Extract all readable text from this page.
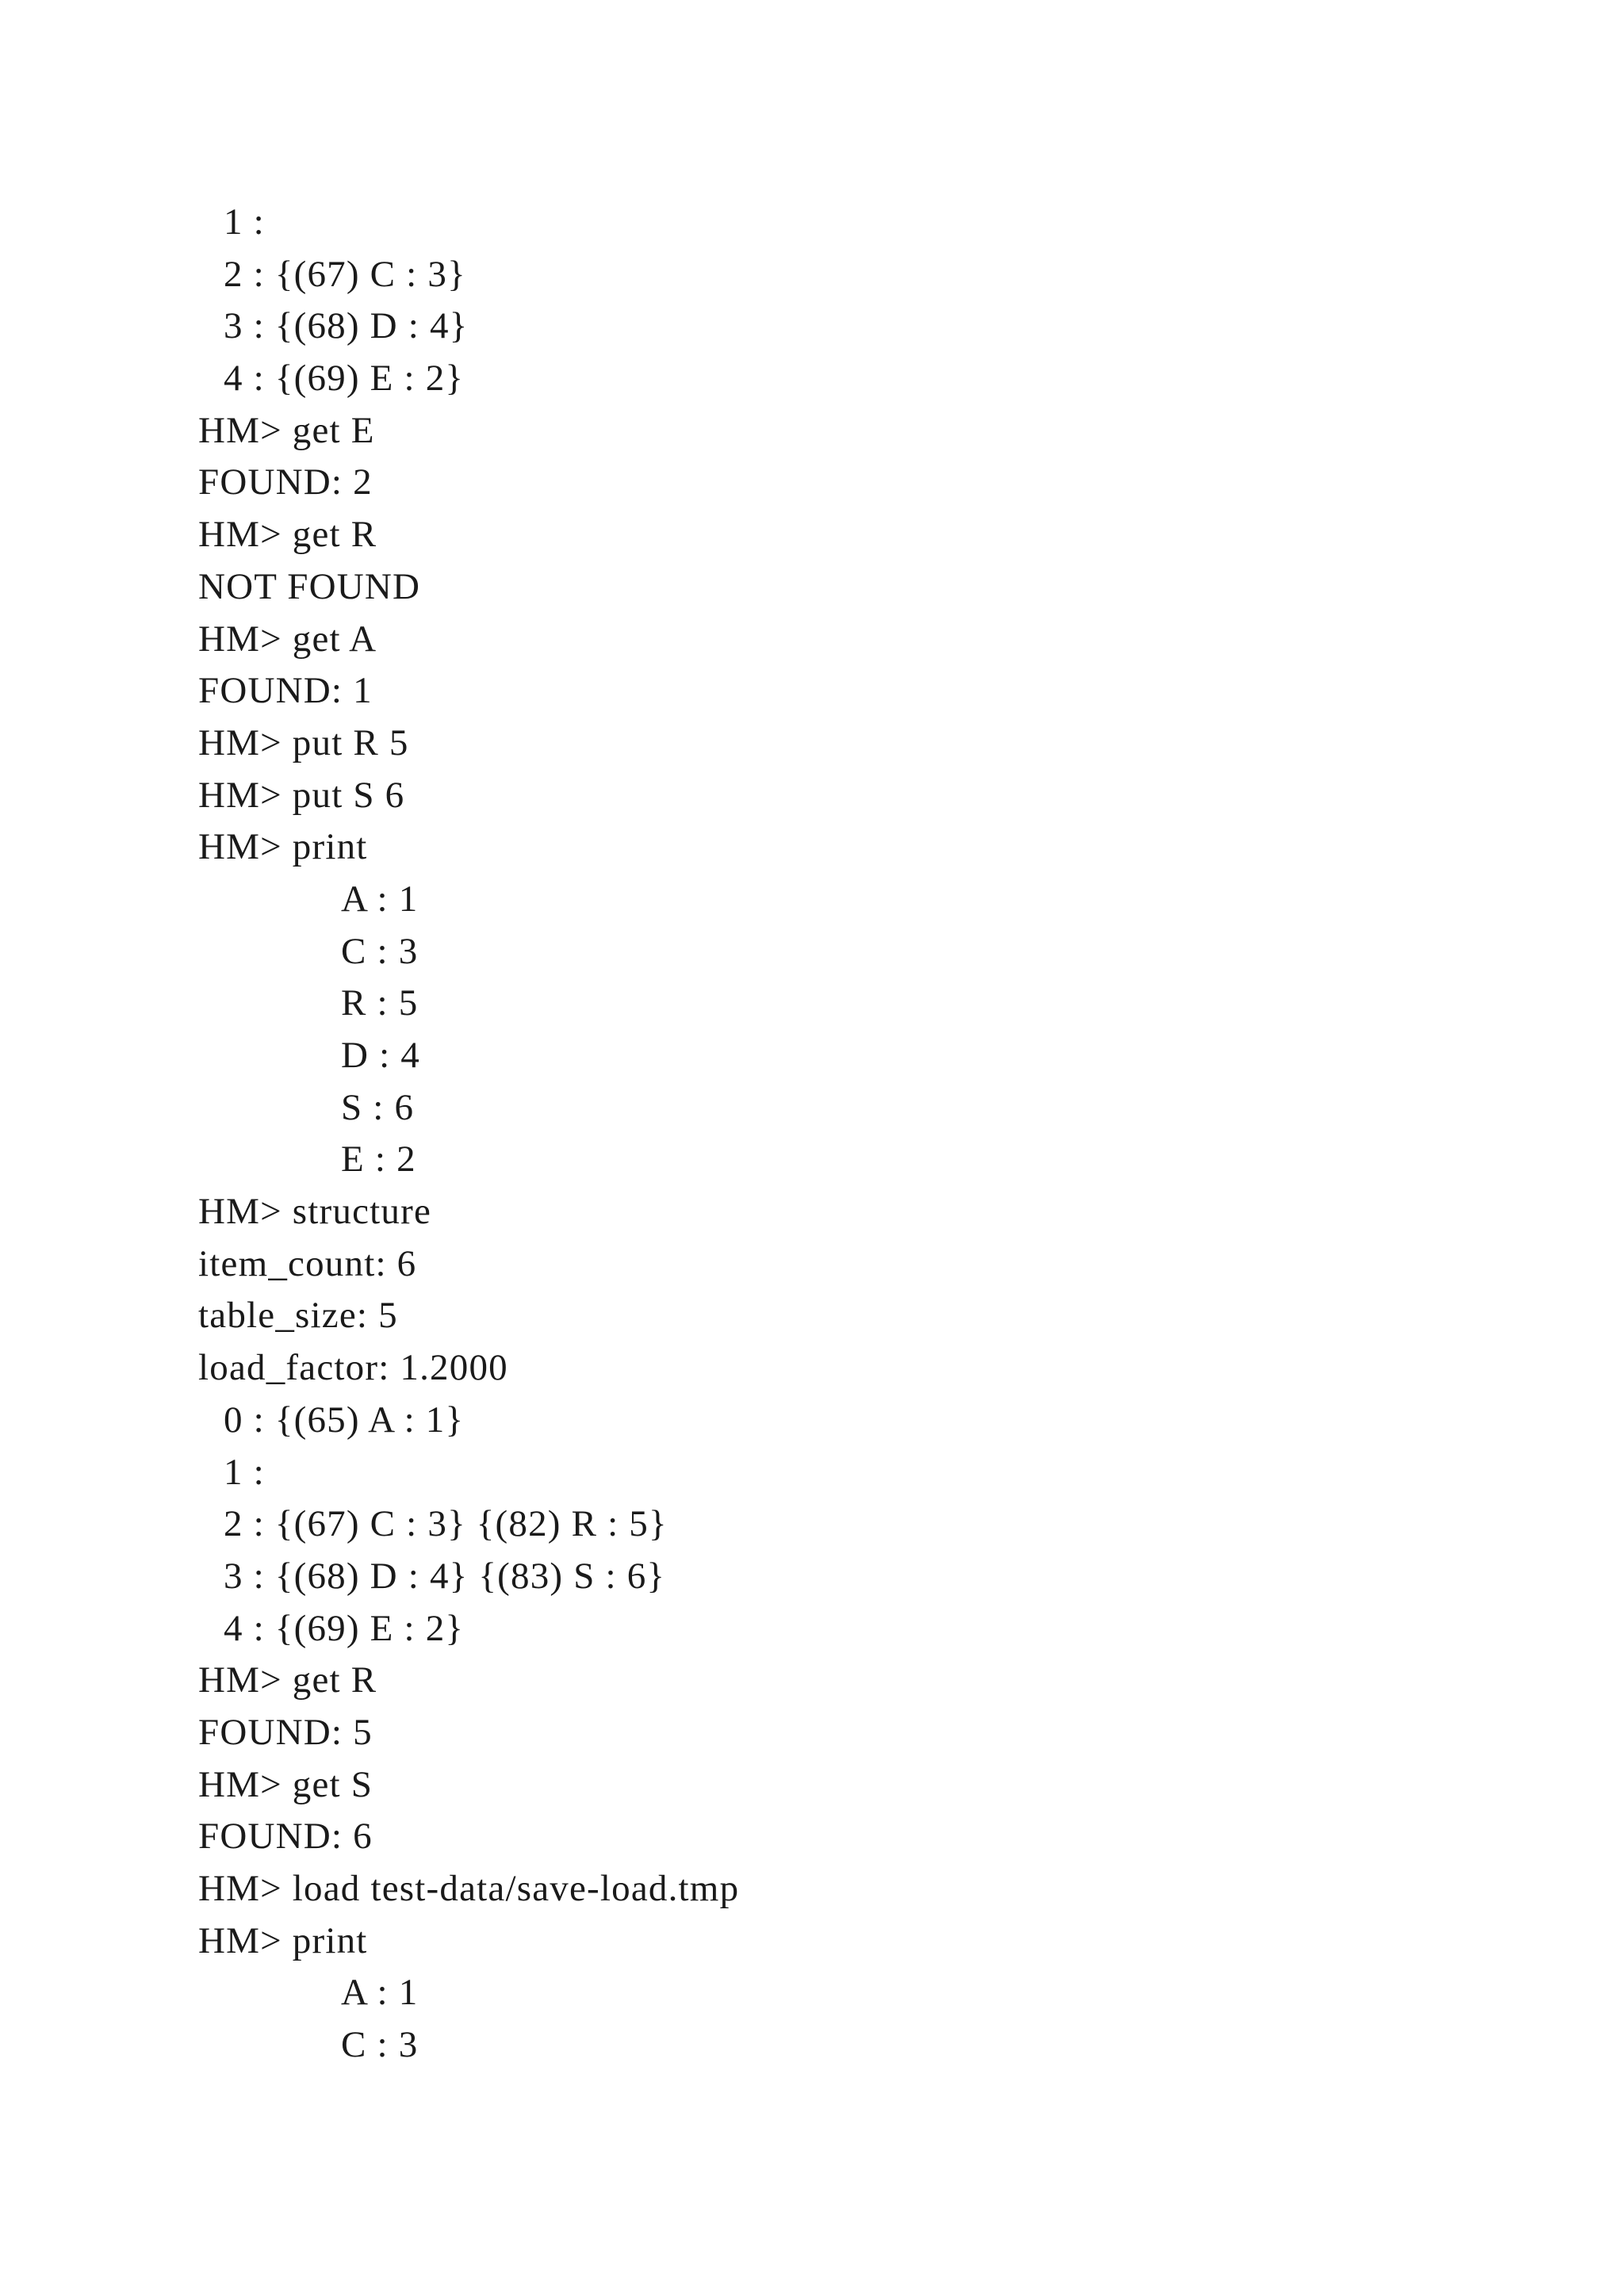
1 :
2 : {(67) C : 3}
3 : {(68) D : 4}
4 : {(69) E : 2}
HM> get E
FOUND: 2
HM> get R
NOT FOUND
HM> get A
FOUND: 1
HM> put R 5
HM> put S 6
HM> print
A : 1
C : 3
R : 5
D : 4
S : 6
E : 2
HM> structure
item_count: 6
table_size: 5
load_factor: 1.2000
0 : {(65) A : 1}
1 :
2 : {(67) C : 3} {(82) R : 5}
3 : {(68) D : 4} {(83) S : 6}
4 : {(69) E : 2}
HM> get R
FOUND: 5
HM> get S
FOUND: 6
HM> load test-data/save-load.tmp
HM> print
A : 1
C : 3
